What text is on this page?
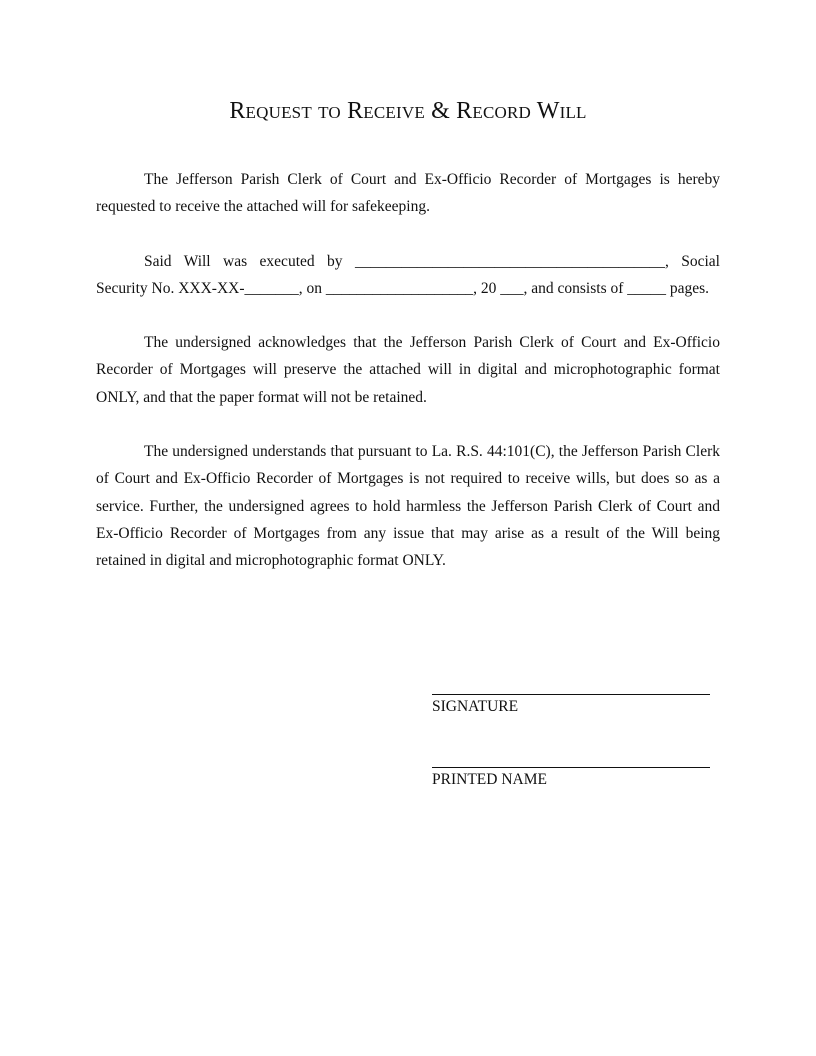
Request to Receive & Record Will

The Jefferson Parish Clerk of Court and Ex-Officio Recorder of Mortgages is hereby requested to receive the attached will for safekeeping.

Said Will was executed by ________________________________________, Social Security No. XXX-XX-_______, on ___________________, 20 ___, and consists of _____ pages.

The undersigned acknowledges that the Jefferson Parish Clerk of Court and Ex-Officio Recorder of Mortgages will preserve the attached will in digital and microphotographic format ONLY, and that the paper format will not be retained.

The undersigned understands that pursuant to La. R.S. 44:101(C), the Jefferson Parish Clerk of Court and Ex-Officio Recorder of Mortgages is not required to receive wills, but does so as a service. Further, the undersigned agrees to hold harmless the Jefferson Parish Clerk of Court and Ex-Officio Recorder of Mortgages from any issue that may arise as a result of the Will being retained in digital and microphotographic format ONLY.

SIGNATURE
PRINTED NAME
